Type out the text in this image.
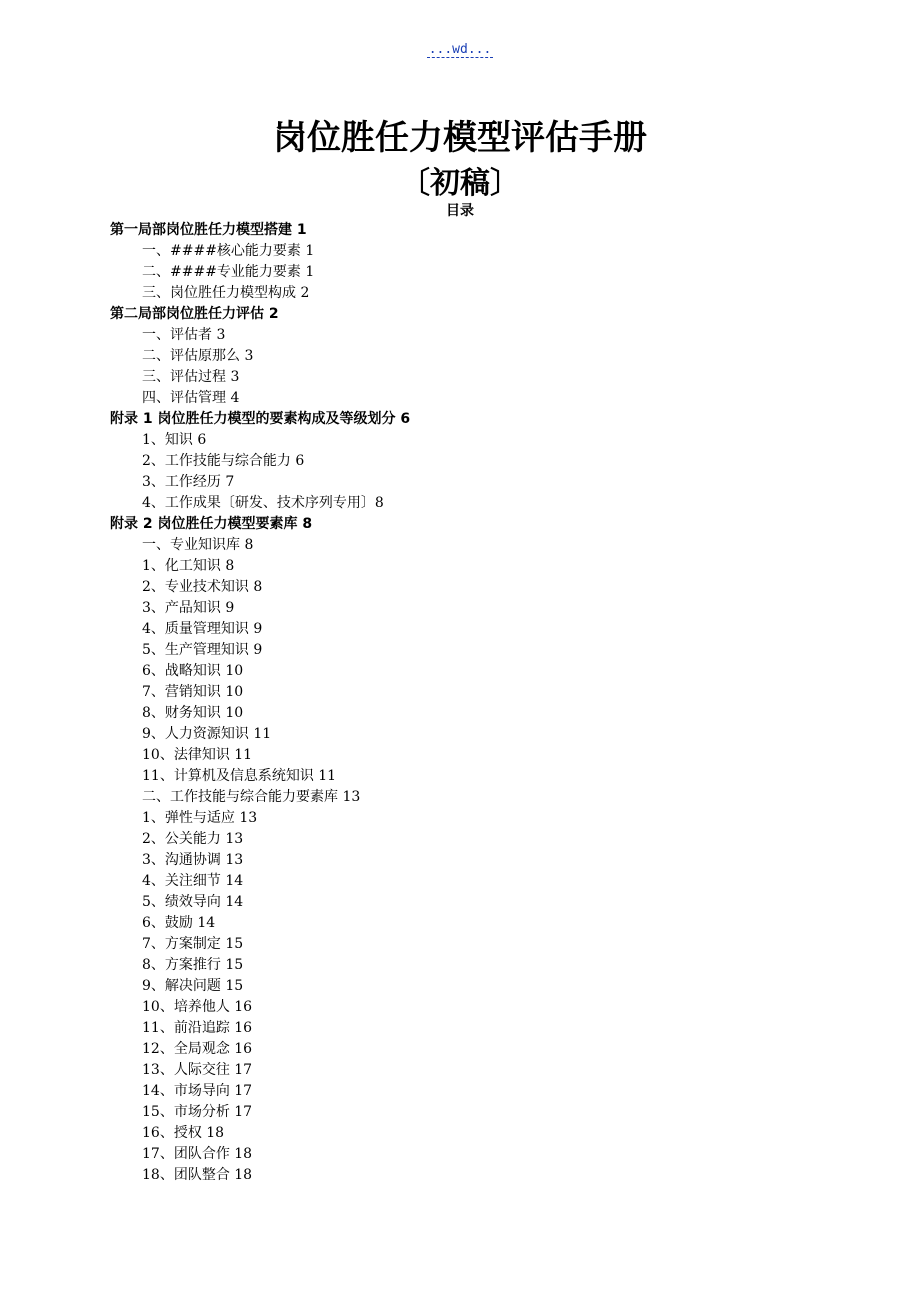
...wd...
岗位胜任力模型评估手册
〔初稿〕
目录
第一局部岗位胜任力模型搭建 1
一、####核心能力要素 1
二、####专业能力要素 1
三、岗位胜任力模型构成 2
第二局部岗位胜任力评估 2
一、评估者 3
二、评估原那么 3
三、评估过程 3
四、评估管理 4
附录 1 岗位胜任力模型的要素构成及等级划分 6
1、知识 6
2、工作技能与综合能力 6
3、工作经历 7
4、工作成果〔研发、技术序列专用〕8
附录 2 岗位胜任力模型要素库 8
一、专业知识库 8
1、化工知识 8
2、专业技术知识 8
3、产品知识 9
4、质量管理知识 9
5、生产管理知识 9
6、战略知识 10
7、营销知识 10
8、财务知识 10
9、人力资源知识 11
10、法律知识 11
11、计算机及信息系统知识 11
二、工作技能与综合能力要素库 13
1、弹性与适应 13
2、公关能力 13
3、沟通协调 13
4、关注细节 14
5、绩效导向 14
6、鼓励 14
7、方案制定 15
8、方案推行 15
9、解决问题 15
10、培养他人 16
11、前沿追踪 16
12、全局观念 16
13、人际交往 17
14、市场导向 17
15、市场分析 17
16、授权 18
17、团队合作 18
18、团队整合 18
